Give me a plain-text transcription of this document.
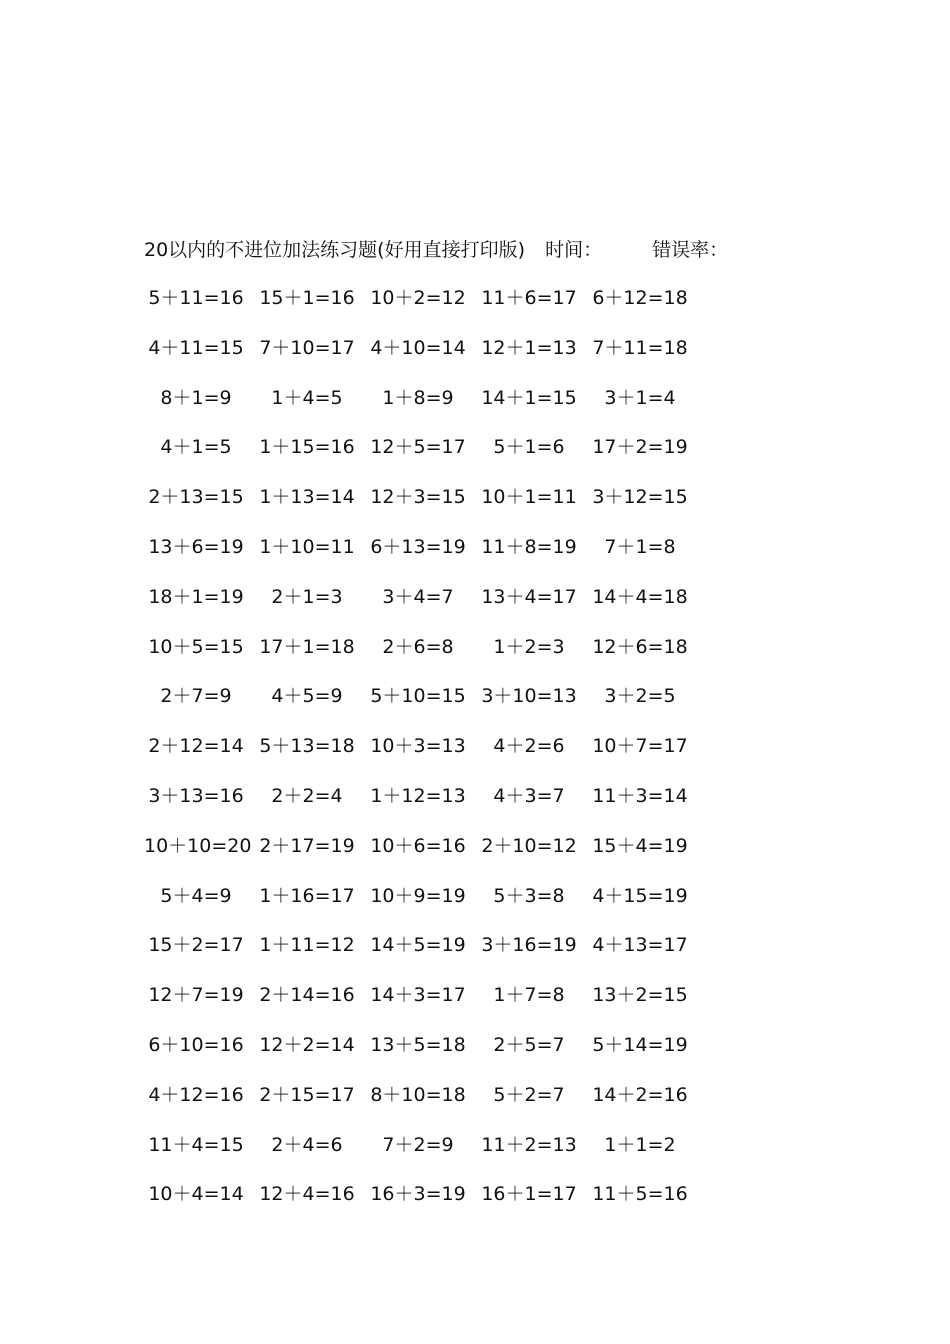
20以内的不进位加法练习题(好用直接打印版) 时间：	错误率：
5＋11=16 15＋1=16 10＋2=12 11＋6=17 6＋12=18
4＋11=15 7＋10=17 4＋10=14 12＋1=13 7＋11=18
8＋1=9	1＋4=5	1＋8=9	14＋1=15	3＋1=4
4＋1=5	1＋15=16 12＋5=17	5＋1=6	17＋2=19
2＋13=15 1＋13=14 12＋3=15 10＋1=11 3＋12=15
13＋6=19 1＋10=11 6＋13=19 11＋8=19	7＋1=8
18＋1=19	2＋1=3	3＋4=7	13＋4=17 14＋4=18
10＋5=15 17＋1=18	2＋6=8	1＋2=3	12＋6=18
2＋7=9	4＋5=9	5＋10=15 3＋10=13	3＋2=5
2＋12=14 5＋13=18 10＋3=13	4＋2=6	10＋7=17
3＋13=16	2＋2=4	1＋12=13	4＋3=7	11＋3=14
10＋10=20 2＋17=19 10＋6=16 2＋10=12 15＋4=19
5＋4=9	1＋16=17 10＋9=19	5＋3=8	4＋15=19
15＋2=17 1＋11=12 14＋5=19 3＋16=19 4＋13=17
12＋7=19 2＋14=16 14＋3=17	1＋7=8	13＋2=15
6＋10=16 12＋2=14 13＋5=18	2＋5=7	5＋14=19
4＋12=16 2＋15=17 8＋10=18	5＋2=7	14＋2=16
11＋4=15	2＋4=6	7＋2=9	11＋2=13	1＋1=2
10＋4=14 12＋4=16 16＋3=19 16＋1=17 11＋5=16
